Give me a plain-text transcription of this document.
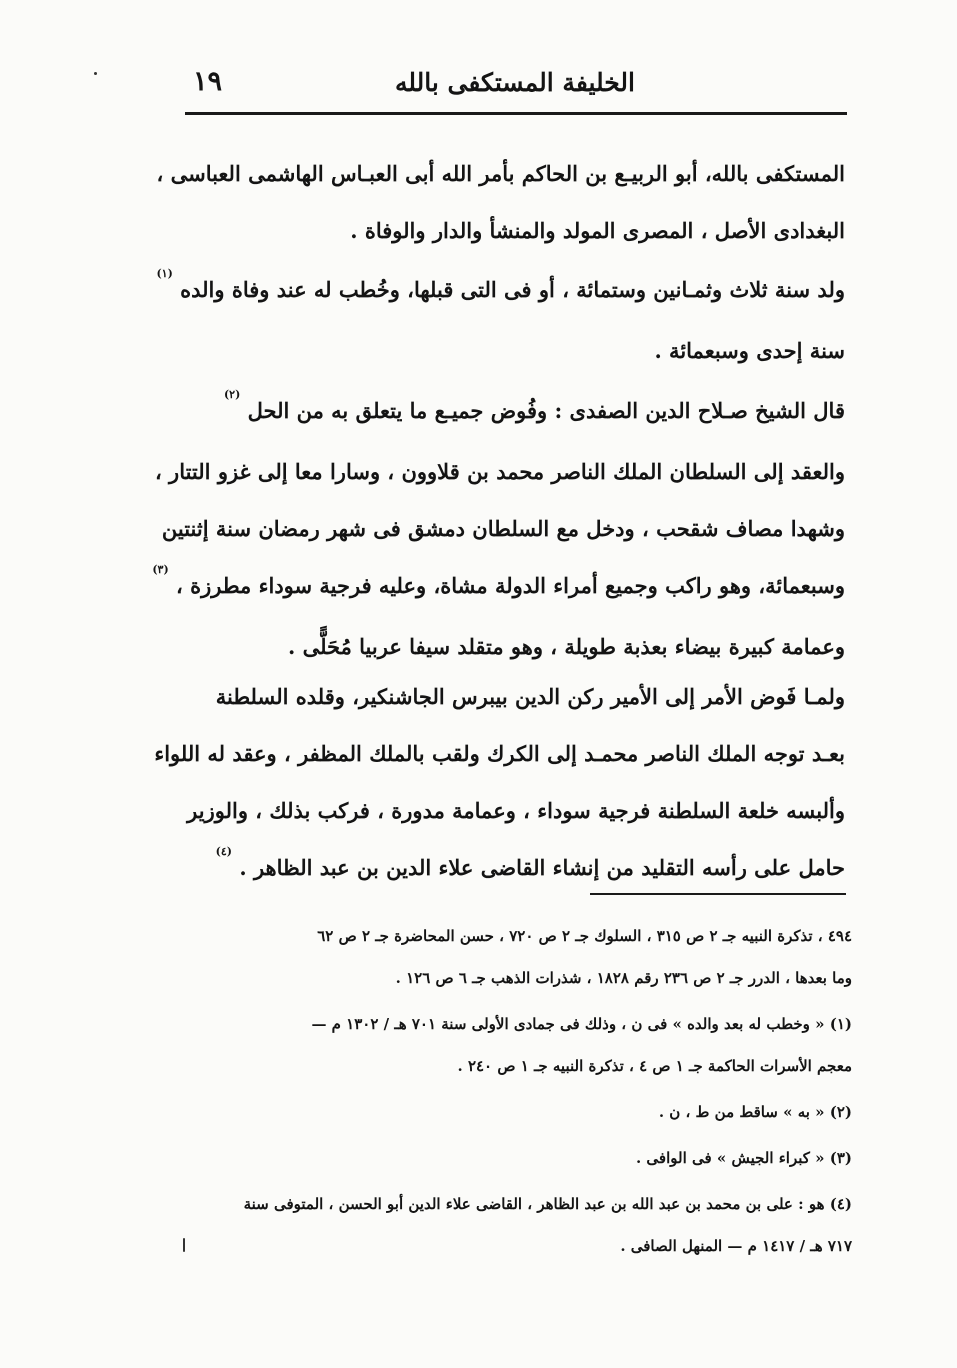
الخليفة المستكفى بالله
١٩
المستكفى بالله، أبو الربيـع بن الحاكم بأمر الله أبى العبـاس الهاشمى العباسى ،
البغدادى الأصل ، المصرى المولد والمنشأ والدار والوفاة .
ولد سنة ثلاث وثمـانين وستمائة ، أو فى التى قبلها، وخُطب له عند وفاة والده $^{(١)}$
سنة إحدى وسبعمائة .
قال الشيخ صـلاح الدين الصفدى : وفُوض جميـع ما يتعلق به من الحل $^{(٢)}$
والعقد إلى السلطان الملك الناصر محمد بن قلاوون ، وسارا معا إلى غزو التتار ،
وشهدا مصاف شقحب ، ودخل مع السلطان دمشق فى شهر رمضان سنة إثنتين
وسبعمائة، وهو راكب وجميع أمراء الدولة مشاة، وعليه فرجية سوداء مطرزة ، $^{(٣)}$
وعمامة كبيرة بيضاء بعذبة طويلة ، وهو متقلد سيفا عربيا مُحَلًّى .
ولمـا فَوض الأمر إلى الأمير ركن الدين بيبرس الجاشنكير، وقلده السلطنة
بعـد توجه الملك الناصر محمـد إلى الكرك ولقب بالملك المظفر ، وعقد له اللواء
وألبسه خلعة السلطنة فرجية سوداء ، وعمامة مدورة ، فركب بذلك ، والوزير
حامل على رأسه التقليد من إنشاء القاضى علاء الدين بن عبد الظاهر . $^{(٤)}$
٤٩٤ ، تذكرة النبيه جـ ٢ ص ٣١٥ ، السلوك جـ ٢ ص ٧٢٠ ، حسن المحاضرة جـ ٢ ص ٦٢
وما بعدها ، الدرر جـ ٢ ص ٢٣٦ رقم ١٨٢٨ ، شذرات الذهب جـ ٦ ص ١٢٦ .
(١) « وخطب له بعد والده » فى ن ، وذلك فى جمادى الأولى سنة ٧٠١ هـ / ١٣٠٢ م —
معجم الأسرات الحاكمة جـ ١ ص ٤ ، تذكرة النبيه جـ ١ ص ٢٤٠ .
(٢) « به » ساقط من ط ، ن .
(٣) « كبراء الجيش » فى الوافى .
(٤) هو : على بن محمد بن عبد الله بن عبد الظاهر ، القاضى علاء الدين أبو الحسن ، المتوفى سنة
٧١٧ هـ / ١٤١٧ م — المنهل الصافى .
